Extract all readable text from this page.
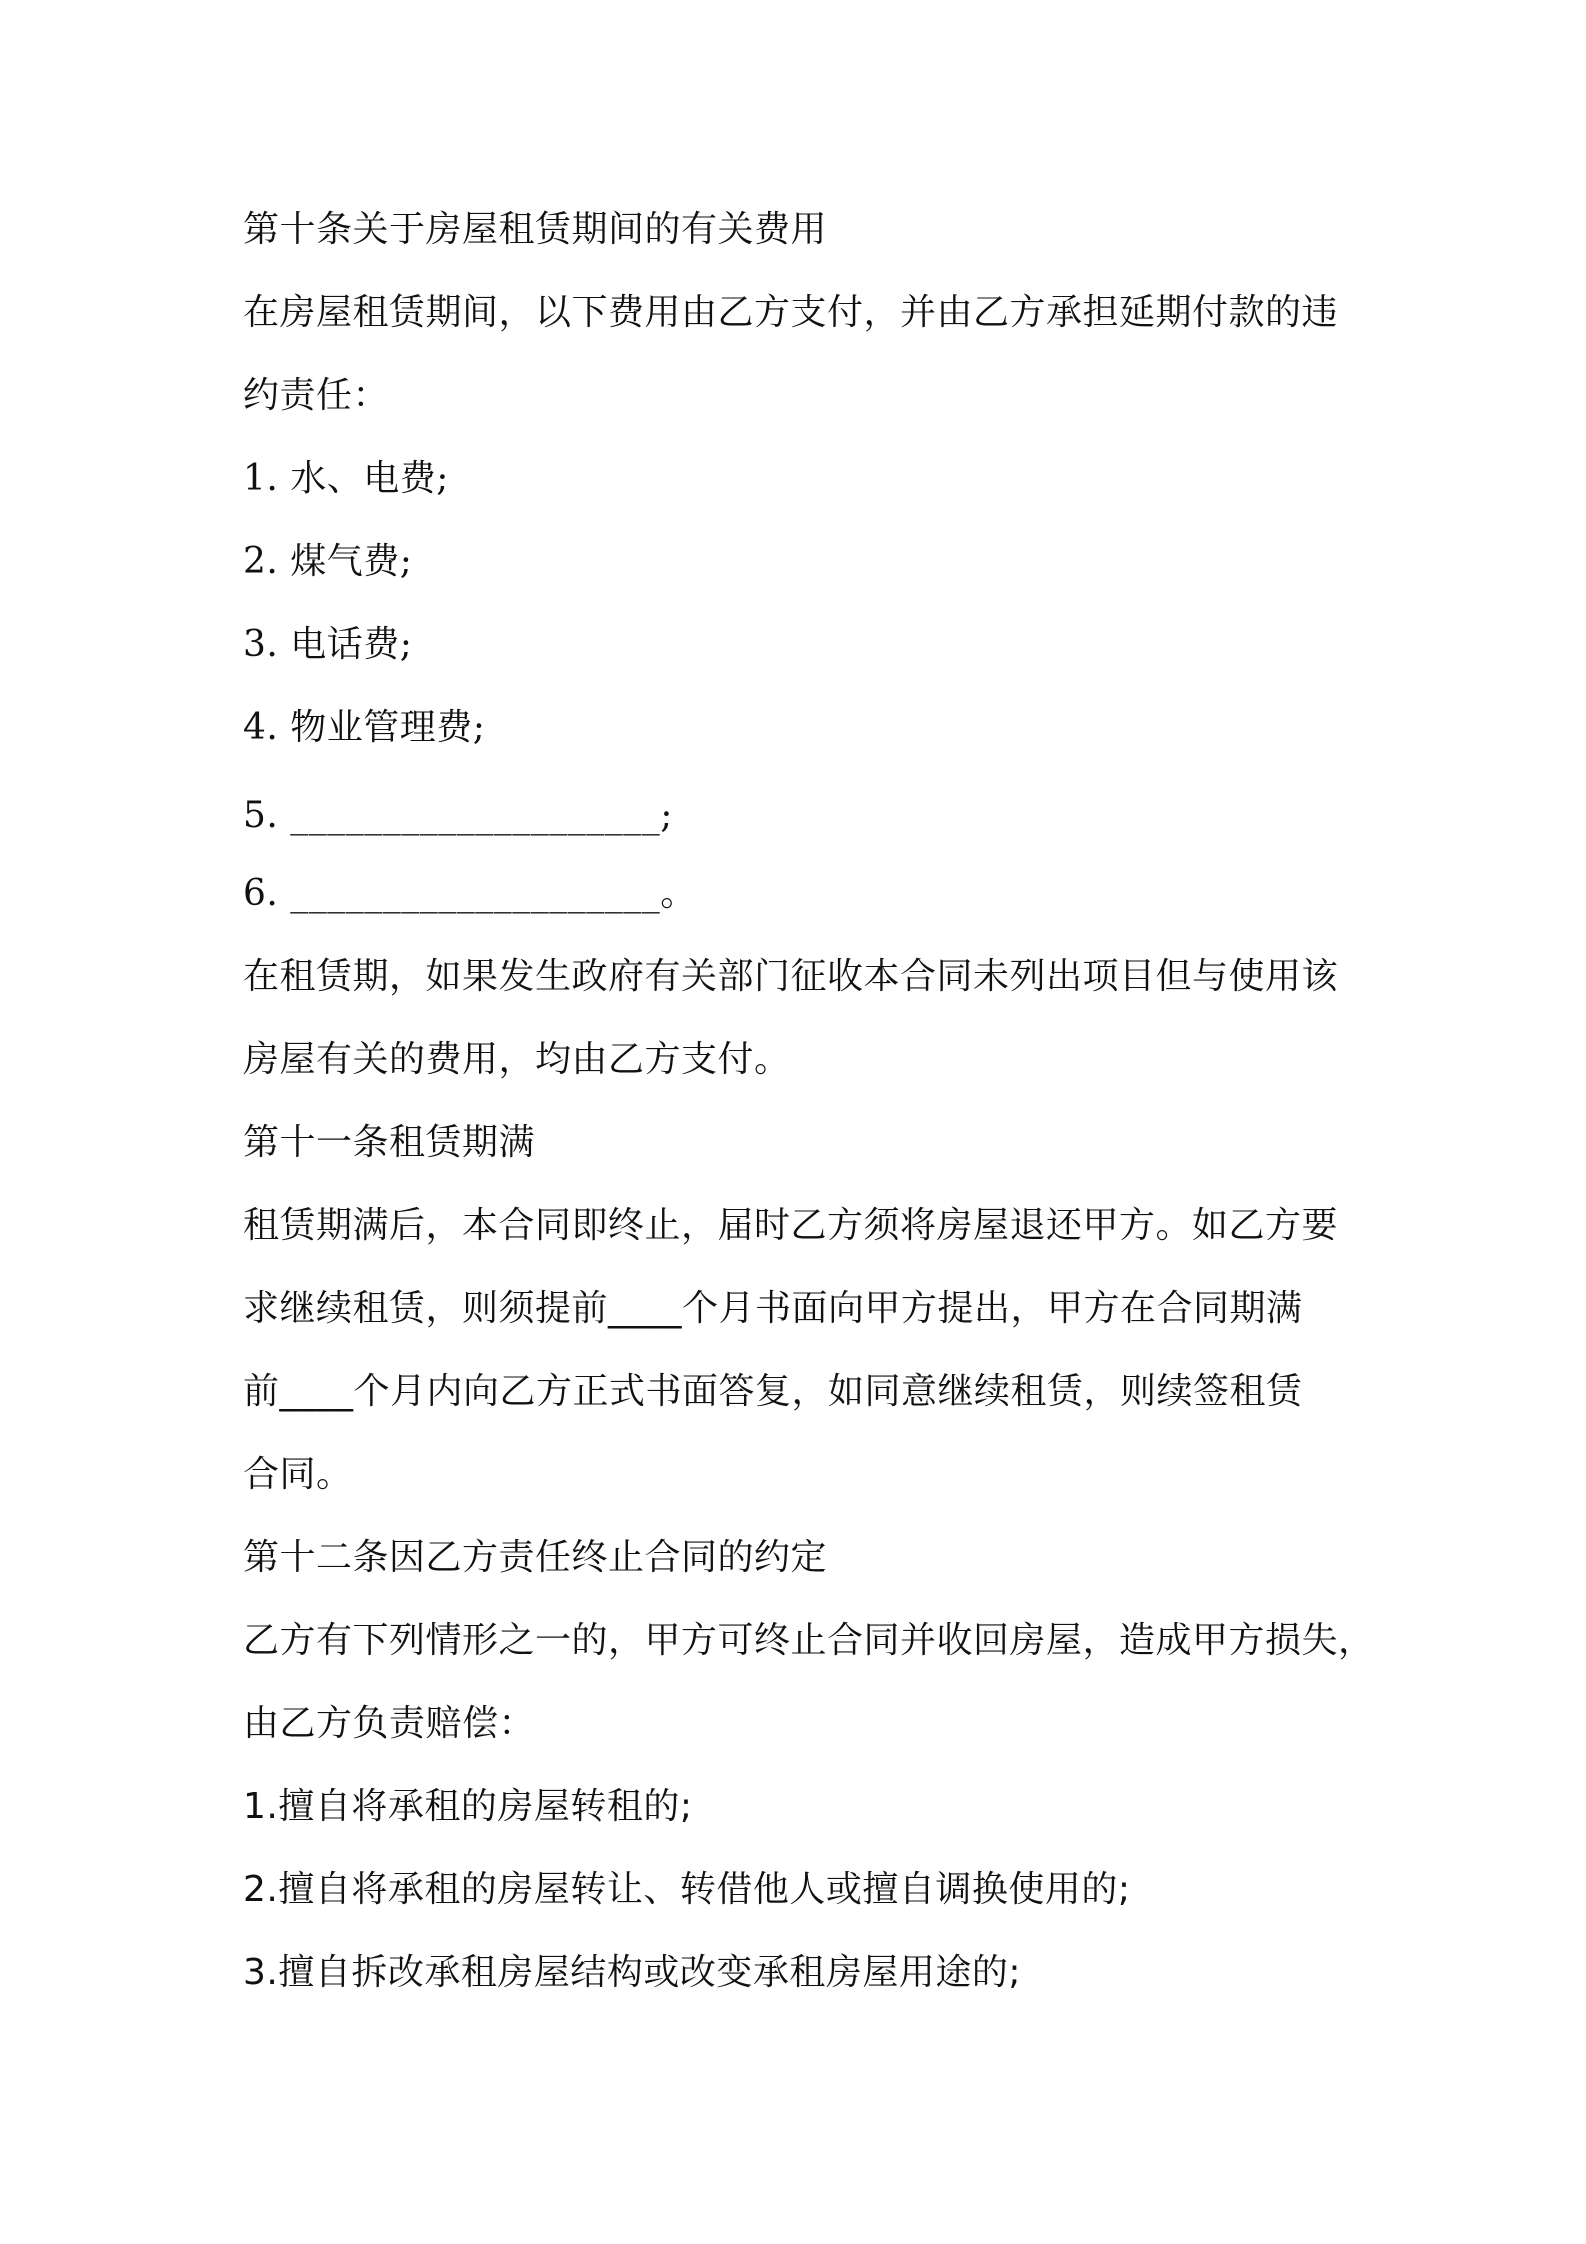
第十条关于房屋租赁期间的有关费用
在房屋租赁期间，以下费用由乙方支付，并由乙方承担延期付款的违
约责任：
1. 水、电费;
2. 煤气费;
3. 电话费;
4. 物业管理费;
5. ____________________;
6. ____________________。
在租赁期，如果发生政府有关部门征收本合同未列出项目但与使用该
房屋有关的费用，均由乙方支付。
第十一条租赁期满
租赁期满后，本合同即终止，届时乙方须将房屋退还甲方。如乙方要
求继续租赁，则须提前____个月书面向甲方提出，甲方在合同期满
前____个月内向乙方正式书面答复，如同意继续租赁，则续签租赁
合同。
第十二条因乙方责任终止合同的约定
乙方有下列情形之一的，甲方可终止合同并收回房屋，造成甲方损失，
由乙方负责赔偿：
1.擅自将承租的房屋转租的;
2.擅自将承租的房屋转让、转借他人或擅自调换使用的;
3.擅自拆改承租房屋结构或改变承租房屋用途的;
